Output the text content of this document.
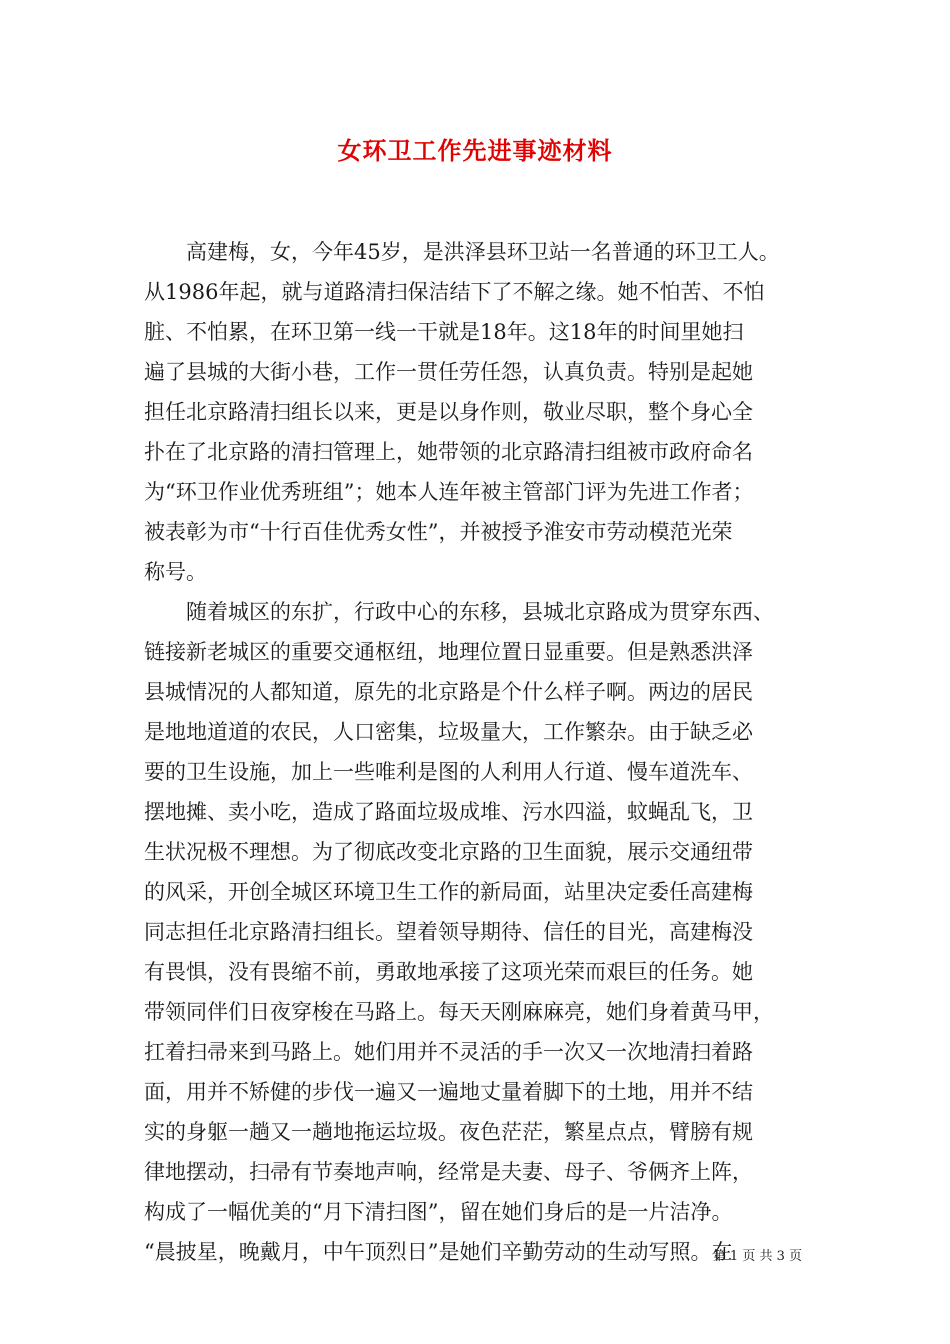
女环卫工作先进事迹材料
　　高建梅，女，今年45岁，是洪泽县环卫站一名普通的环卫工人。
从1986年起，就与道路清扫保洁结下了不解之缘。她不怕苦、不怕
脏、不怕累，在环卫第一线一干就是18年。这18年的时间里她扫
遍了县城的大街小巷，工作一贯任劳任怨，认真负责。特别是起她
担任北京路清扫组长以来，更是以身作则，敬业尽职，整个身心全
扑在了北京路的清扫管理上，她带领的北京路清扫组被市政府命名
为“环卫作业优秀班组”；她本人连年被主管部门评为先进工作者；
被表彰为市“十行百佳优秀女性”，并被授予淮安市劳动模范光荣
称号。
　　随着城区的东扩，行政中心的东移，县城北京路成为贯穿东西、
链接新老城区的重要交通枢纽，地理位置日显重要。但是熟悉洪泽
县城情况的人都知道，原先的北京路是个什么样子啊。两边的居民
是地地道道的农民，人口密集，垃圾量大，工作繁杂。由于缺乏必
要的卫生设施，加上一些唯利是图的人利用人行道、慢车道洗车、
摆地摊、卖小吃，造成了路面垃圾成堆、污水四溢，蚊蝇乱飞，卫
生状况极不理想。为了彻底改变北京路的卫生面貌，展示交通纽带
的风采，开创全城区环境卫生工作的新局面，站里决定委任高建梅
同志担任北京路清扫组长。望着领导期待、信任的目光，高建梅没
有畏惧，没有畏缩不前，勇敢地承接了这项光荣而艰巨的任务。她
带领同伴们日夜穿梭在马路上。每天天刚麻麻亮，她们身着黄马甲，
扛着扫帚来到马路上。她们用并不灵活的手一次又一次地清扫着路
面，用并不矫健的步伐一遍又一遍地丈量着脚下的土地，用并不结
实的身躯一趟又一趟地拖运垃圾。夜色茫茫，繁星点点，臂膀有规
律地摆动，扫帚有节奏地声响，经常是夫妻、母子、爷俩齐上阵，
构成了一幅优美的“月下清扫图”，留在她们身后的是一片洁净。
“晨披星，晚戴月，中午顶烈日”是她们辛勤劳动的生动写照。在
第 1 页 共 3 页
